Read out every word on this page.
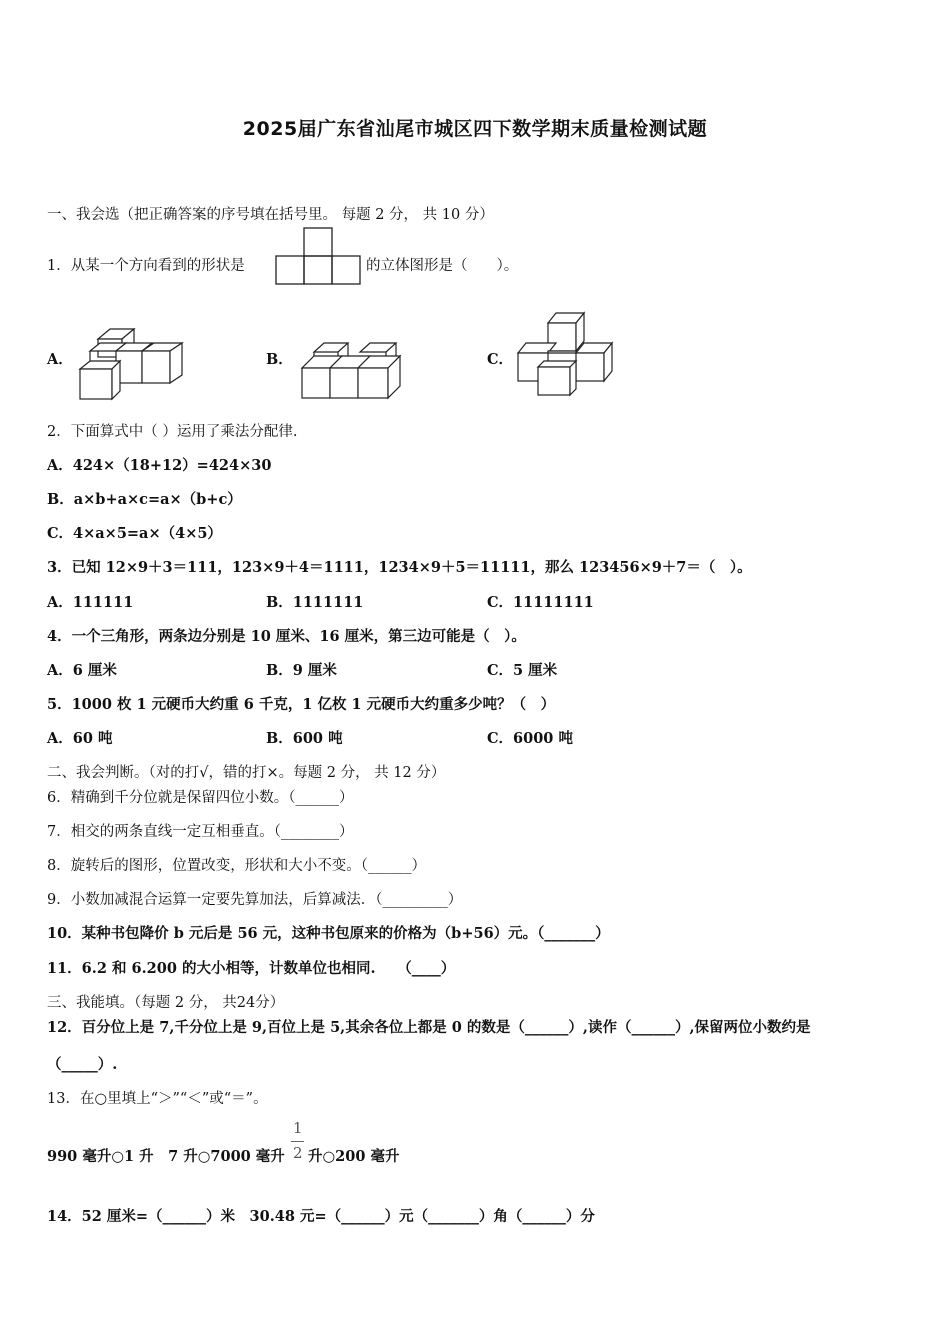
2025届广东省汕尾市城区四下数学期末质量检测试题
一、我会选（把正确答案的序号填在括号里。 每题 2 分， 共 10 分）
1．从某一个方向看到的形状是	的立体图形是（　　）。
A．	B．	C．
2．下面算式中（ ）运用了乘法分配律.
A．424×（18+12）=424×30
B．a×b+a×c=a×（b+c）
C．4×a×5=a×（4×5）
3．已知 12×9＋3＝111，123×9＋4＝1111，1234×9＋5＝11111，那么 123456×9＋7＝（　）。
A．111111	B．1111111	C．11111111
4．一个三角形，两条边分别是 10 厘米、16 厘米，第三边可能是（　）。
A．6 厘米	B．9 厘米	C．5 厘米
5．1000 枚 1 元硬币大约重 6 千克，1 亿枚 1 元硬币大约重多少吨？（　）
A．60 吨	B．600 吨	C．6000 吨
二、我会判断。（对的打√，错的打×。每题 2 分， 共 12 分）
6．精确到千分位就是保留四位小数。（______）
7．相交的两条直线一定互相垂直。（________）
8．旋转后的图形，位置改变，形状和大小不变。（______）
9．小数加减混合运算一定要先算加法，后算减法．（_________）
10．某种书包降价 b 元后是 56 元，这种书包原来的价格为（b+56）元。（_______）
11．6.2 和 6.200 的大小相等，计数单位也相同.　　（____）
三、我能填。（每题 2 分， 共24分）
12．百分位上是 7,千分位上是 9,百位上是 5,其余各位上都是 0 的数是（______）,读作（______）,保留两位小数约是
（_____）.
13．在○里填上“＞”“＜”或“＝”。
990 毫升○1 升　7 升○7000 毫升
1
2 升○200 毫升
14．52 厘米=（______）米　30.48 元=（______）元（_______）角（______）分
